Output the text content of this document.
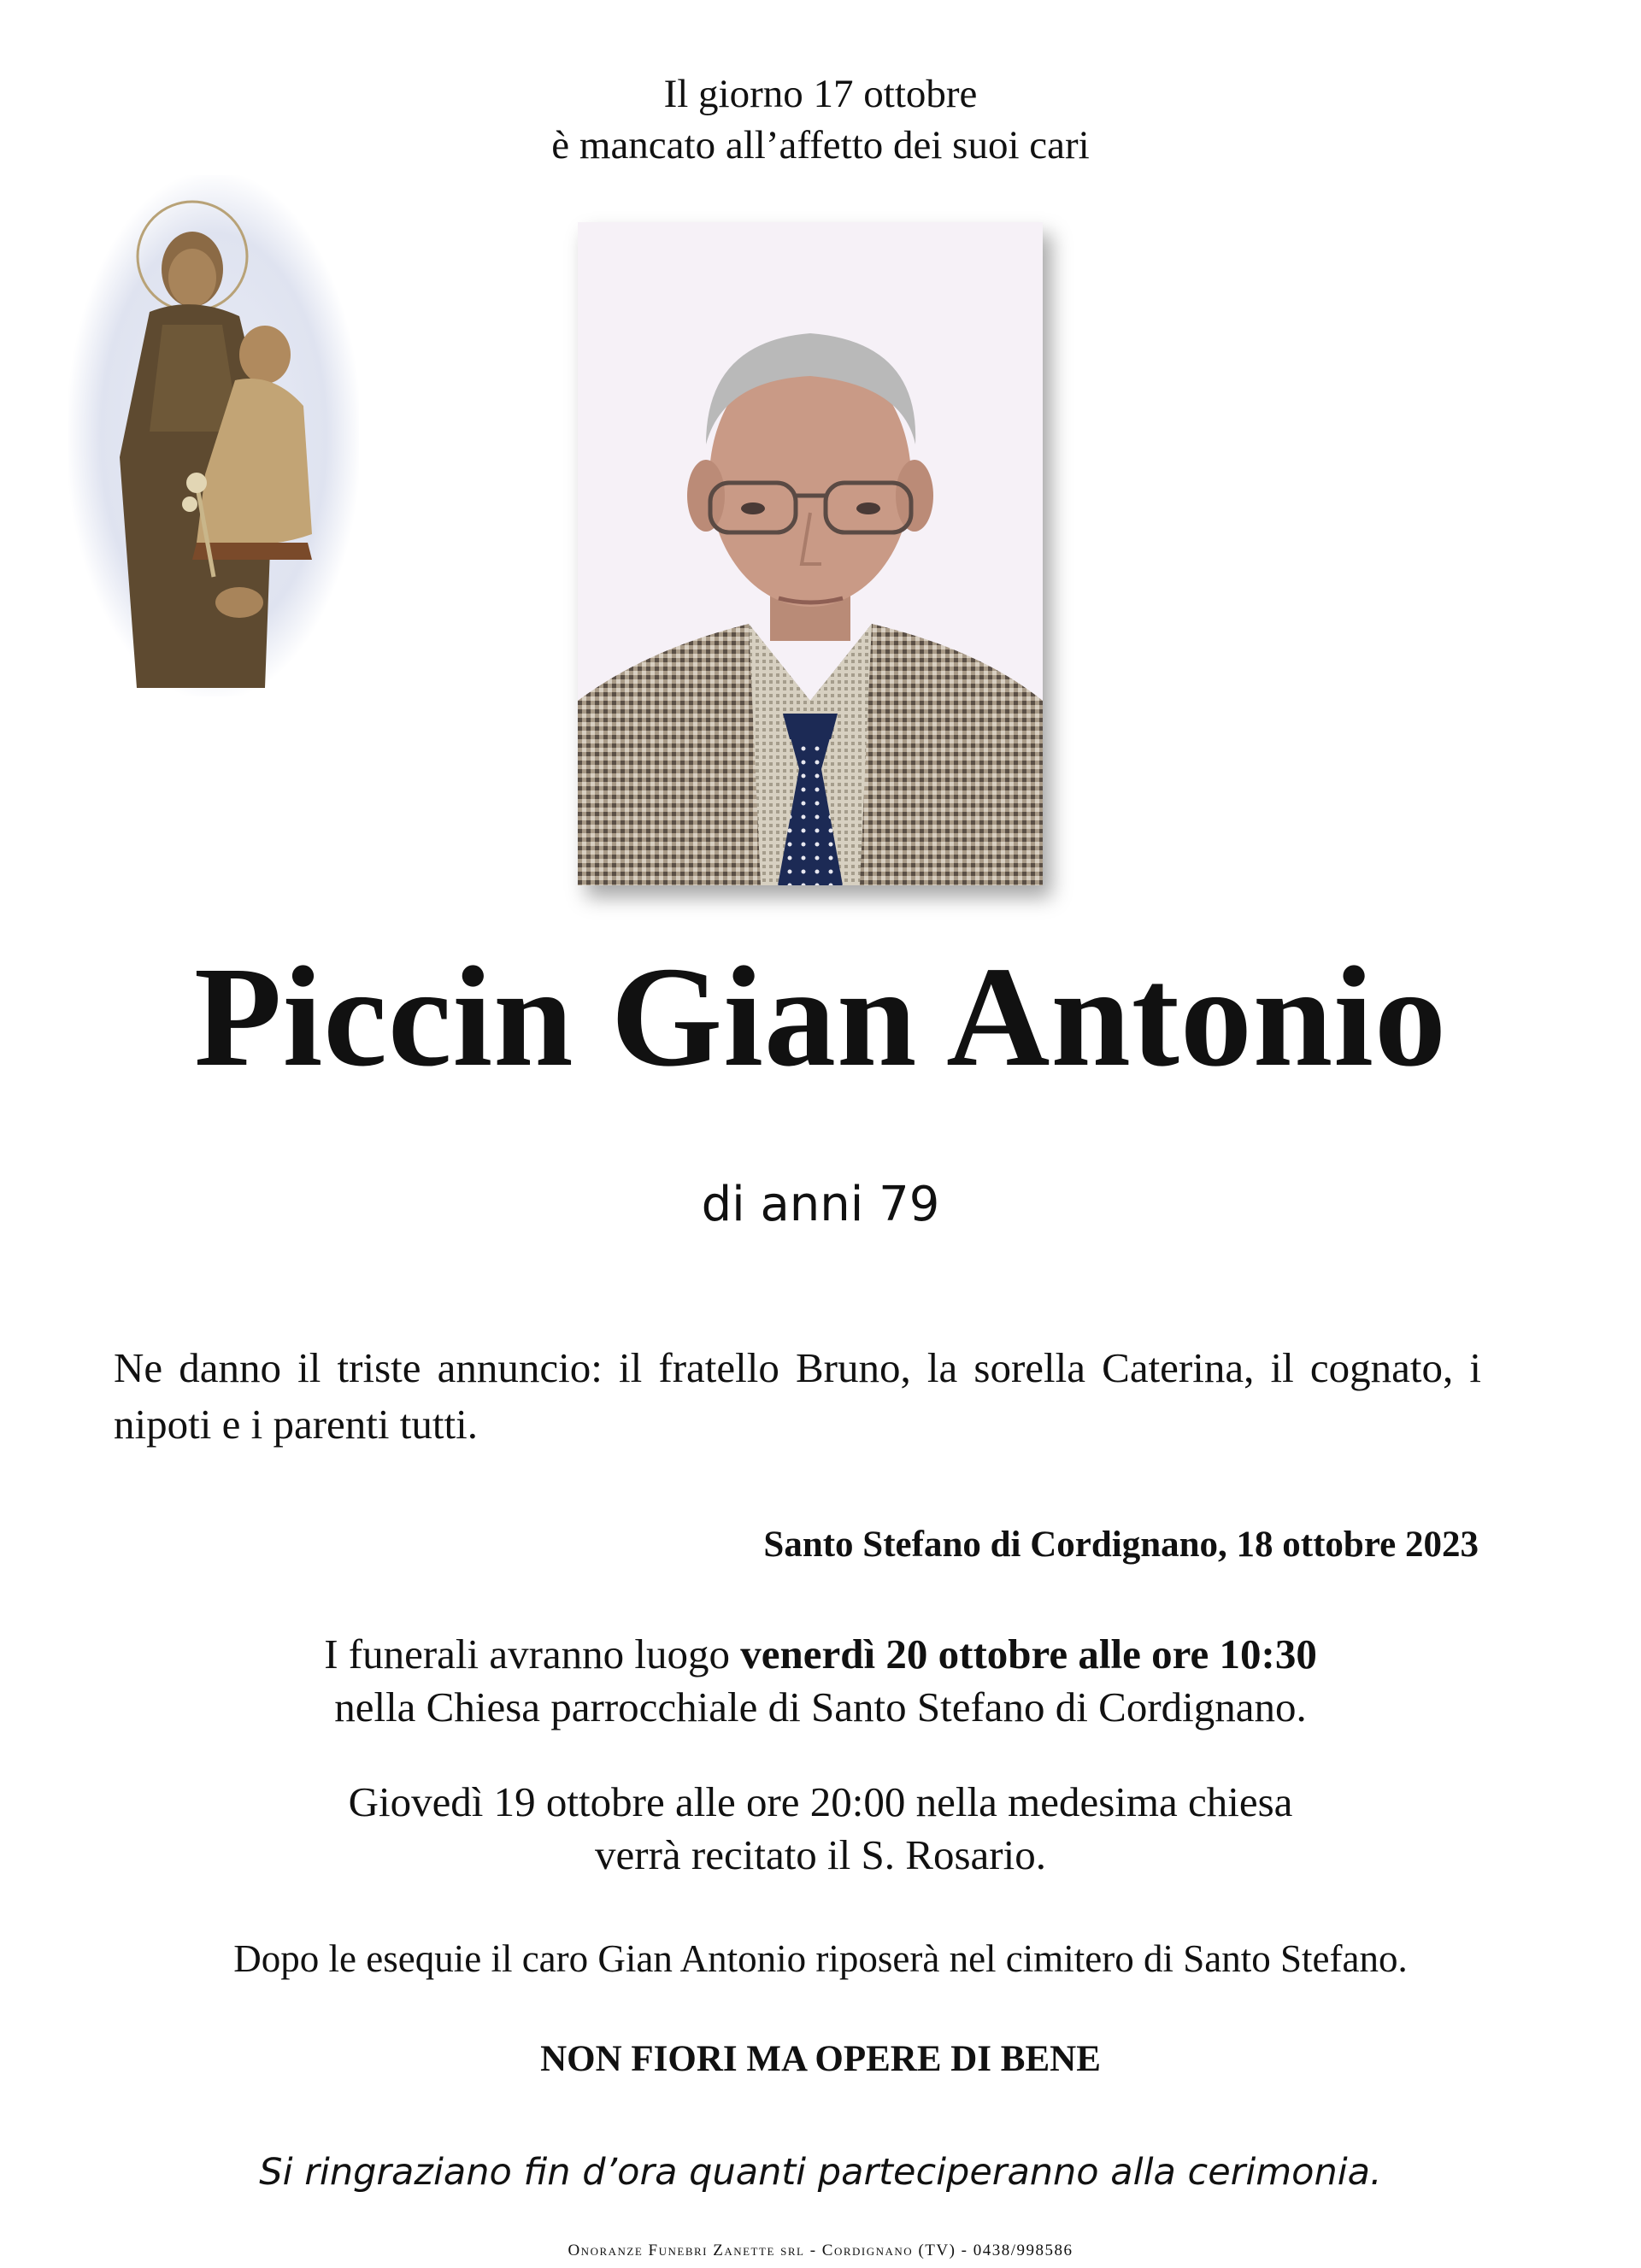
Il giorno 17 ottobre
è mancato all’affetto dei suoi cari
Piccin Gian Antonio
di anni 79
Ne danno il triste annuncio: il fratello Bruno, la sorella Caterina, il cognato, i nipoti e i parenti tutti.
Santo Stefano di Cordignano, 18 ottobre 2023
I funerali avranno luogo venerdì 20 ottobre alle ore 10:30
nella Chiesa parrocchiale di Santo Stefano di Cordignano.
Giovedì 19 ottobre alle ore 20:00 nella medesima chiesa
verrà recitato il S. Rosario.
Dopo le esequie il caro Gian Antonio riposerà nel cimitero di Santo Stefano.
NON FIORI MA OPERE DI BENE
Si ringraziano fin d’ora quanti parteciperanno alla cerimonia.
Onoranze Funebri Zanette srl - Cordignano (TV) - 0438/998586
